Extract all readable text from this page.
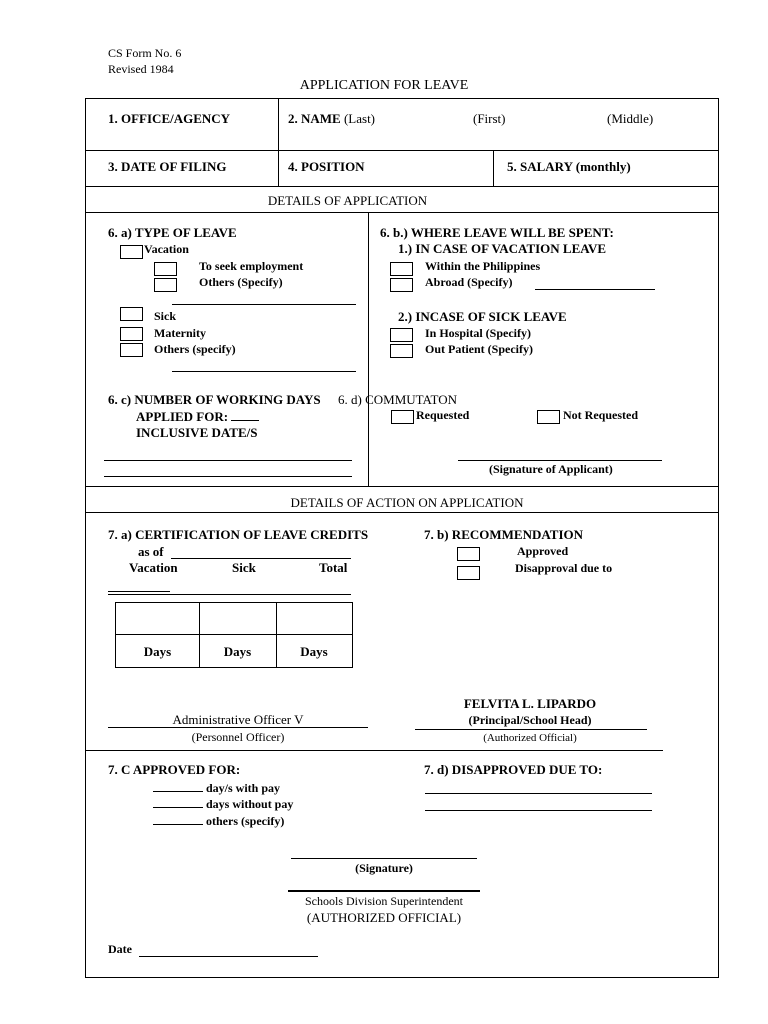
CS Form No. 6
Revised 1984
APPLICATION FOR LEAVE
1. OFFICE/AGENCY	2. NAME (Last)	(First)	(Middle)
3. DATE OF FILING	4. POSITION	5. SALARY (monthly)
DETAILS OF APPLICATION
6. a) TYPE OF LEAVE
Vacation
To seek employment
Others (Specify)
Sick
Maternity
Others (specify)
6. b.) WHERE LEAVE WILL BE SPENT:
1.) IN CASE OF VACATION LEAVE
Within the Philippines
Abroad (Specify)
2.) INCASE OF SICK LEAVE
In Hospital (Specify)
Out Patient (Specify)
6. c) NUMBER OF WORKING DAYS
APPLIED FOR:
INCLUSIVE DATE/S
6. d) COMMUTATON
Requested	Not Requested
(Signature of Applicant)
DETAILS OF ACTION ON APPLICATION
7. a) CERTIFICATION OF LEAVE CREDITS
as of
Vacation	Sick	Total
Days	Days	Days
7. b) RECOMMENDATION
Approved
Disapproval due to
Administrative Officer V
(Personnel Officer)
FELVITA L. LIPARDO
(Principal/School Head)
(Authorized Official)
7. C APPROVED FOR:
day/s with pay
days without pay
others (specify)
7. d) DISAPPROVED DUE TO:
(Signature)
Schools Division Superintendent
(AUTHORIZED OFFICIAL)
Date
